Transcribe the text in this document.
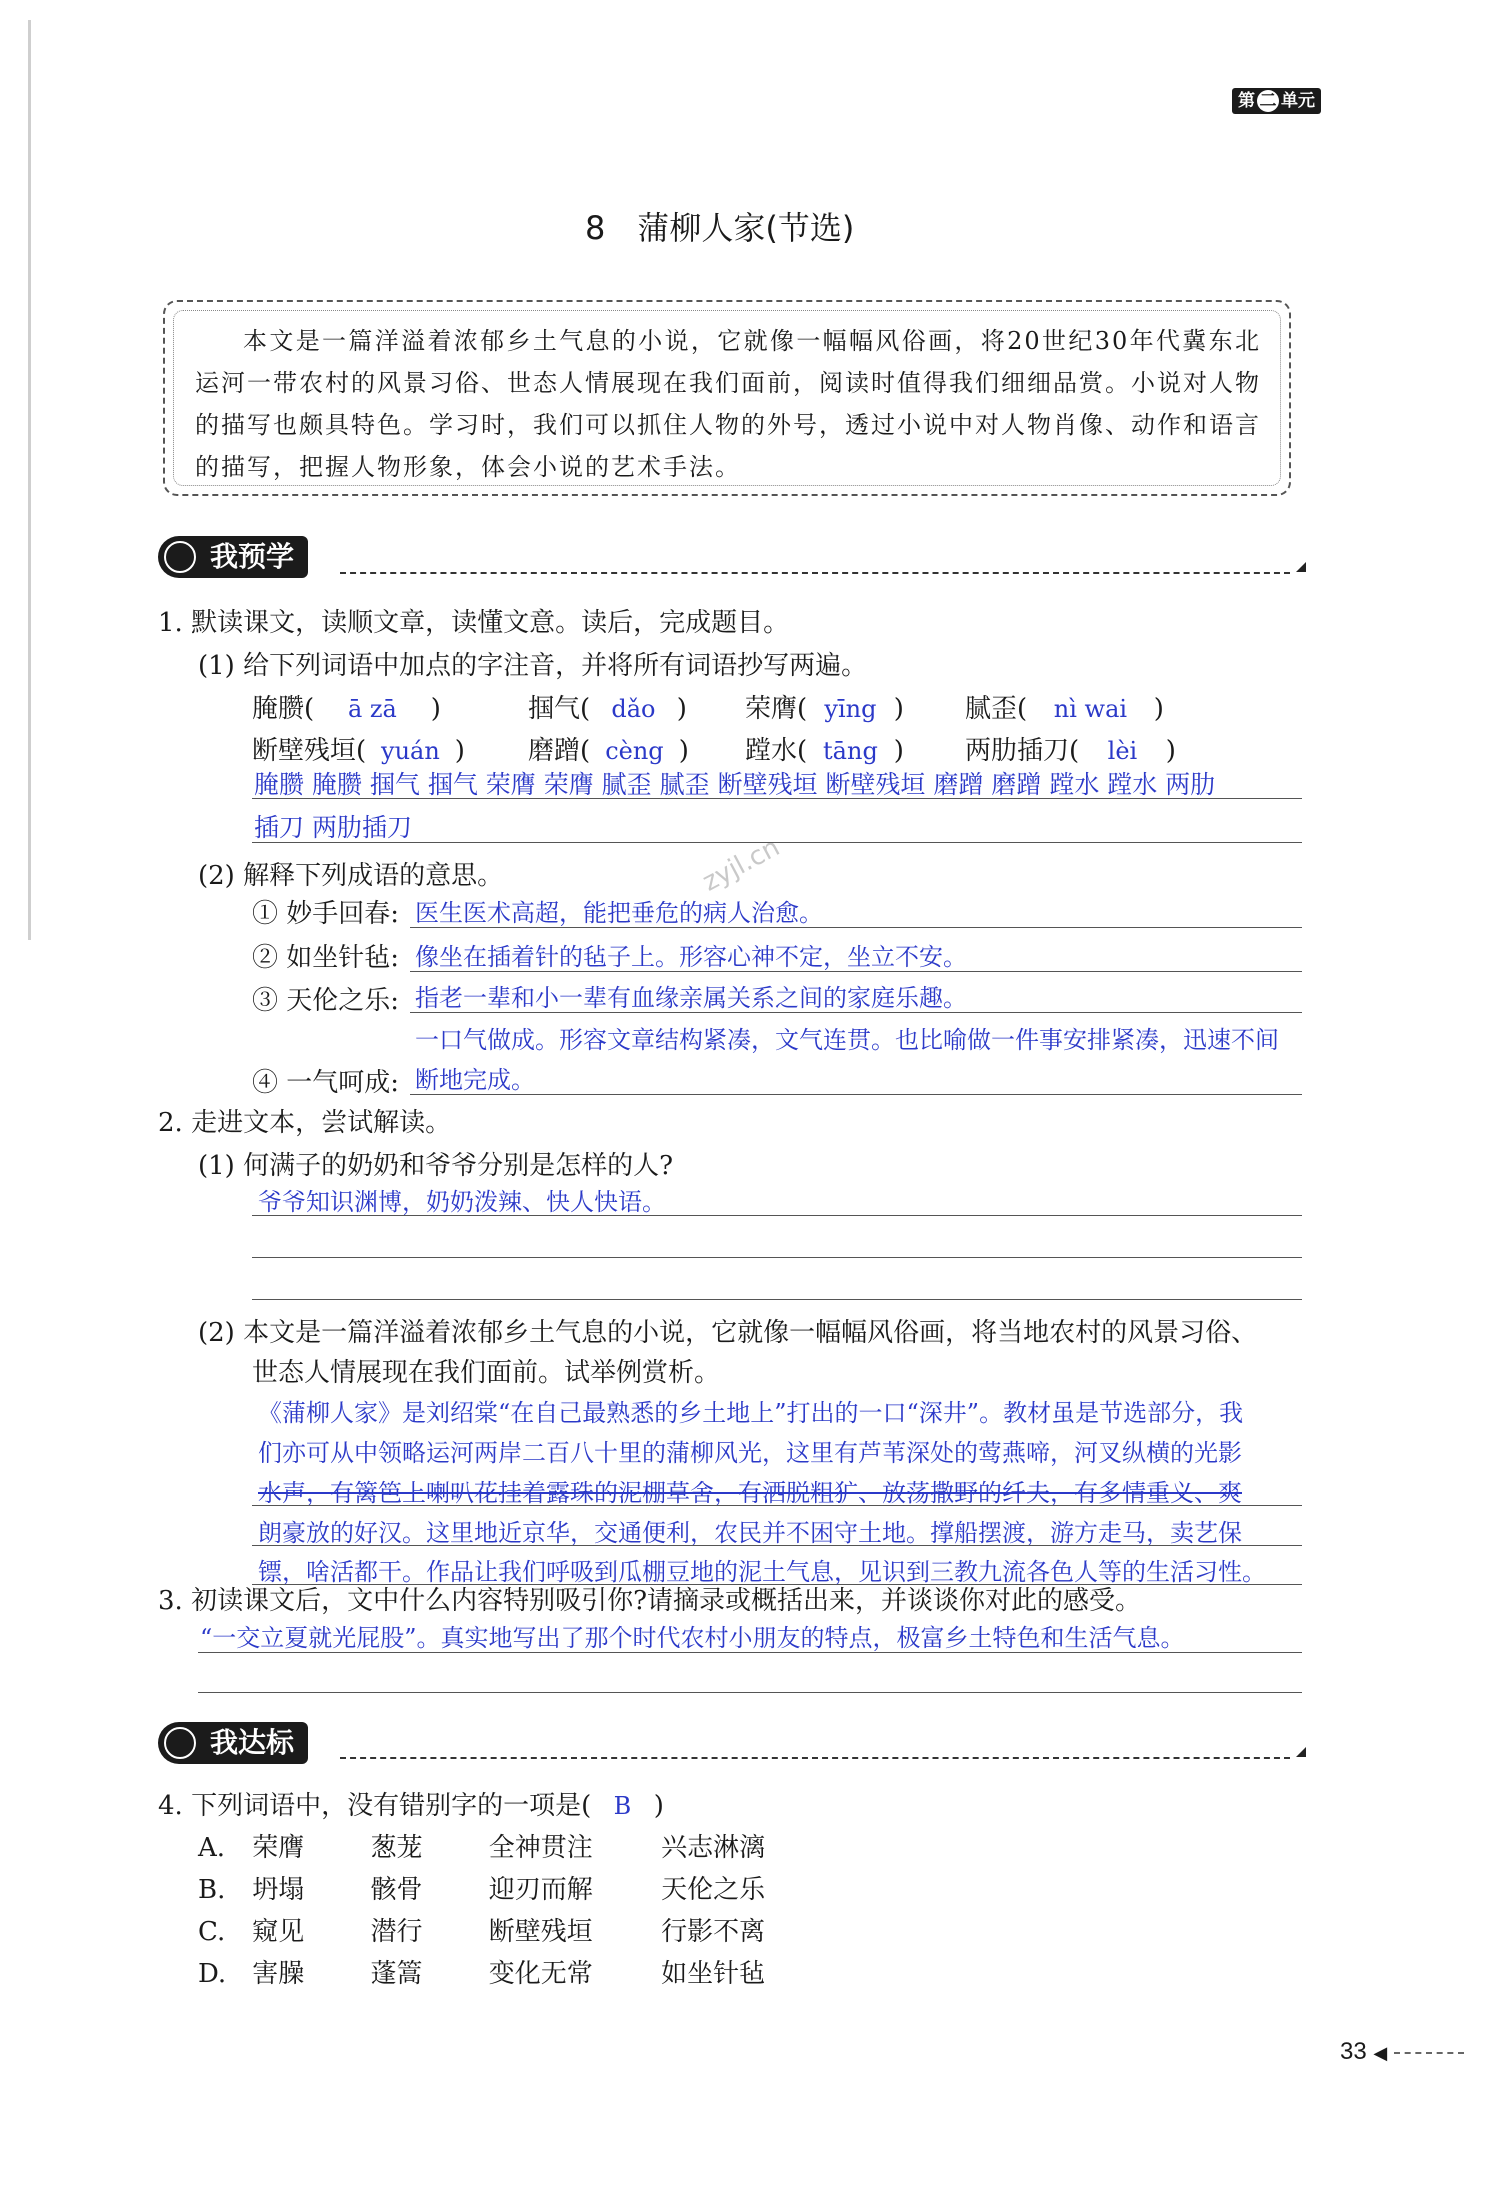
第 二 单元
8　蒲柳人家(节选)

本文是一篇洋溢着浓郁乡土气息的小说，它就像一幅幅风俗画，将20世纪30年代冀东北运河一带农村的风景习俗、世态人情展现在我们面前，阅读时值得我们细细品赏。小说对人物的描写也颇具特色。学习时，我们可以抓住人物的外号，透过小说中对人物肖像、动作和语言的描写，把握人物形象，体会小说的艺术手法。

我预学
zyjl.cn
1. 默读课文，读顺文章，读懂文意。读后，完成题目。
(1) 给下列词语中加点的字注音，并将所有词语抄写两遍。
腌臜( ā zā )	掴气( dǎo ) 荣膺( yīng ) 腻歪( nì wai )
断壁残垣( yuán ) 磨蹭( cèng ) 蹚水( tāng ) 两肋插刀( lèi )
腌臜 腌臜 掴气 掴气 荣膺 荣膺 腻歪 腻歪 断壁残垣 断壁残垣 磨蹭 磨蹭 蹚水 蹚水 两肋
插刀 两肋插刀
(2) 解释下列成语的意思。
① 妙手回春: 医生医术高超，能把垂危的病人治愈。
② 如坐针毡: 像坐在插着针的毡子上。形容心神不定，坐立不安。
③ 天伦之乐: 指老一辈和小一辈有血缘亲属关系之间的家庭乐趣。
一口气做成。形容文章结构紧凑，文气连贯。也比喻做一件事安排紧凑，迅速不间
④ 一气呵成: 断地完成。
2. 走进文本，尝试解读。
(1) 何满子的奶奶和爷爷分别是怎样的人?
爷爷知识渊博，奶奶泼辣、快人快语。
(2) 本文是一篇洋溢着浓郁乡土气息的小说，它就像一幅幅风俗画，将当地农村的风景习俗、
世态人情展现在我们面前。试举例赏析。
《蒲柳人家》是刘绍棠“在自己最熟悉的乡土地上”打出的一口“深井”。教材虽是节选部分，我
们亦可从中领略运河两岸二百八十里的蒲柳风光，这里有芦苇深处的莺燕啼，河叉纵横的光影
水声，有篱笆上喇叭花挂着露珠的泥棚草舍，有洒脱粗犷、放荡撒野的纤夫，有多情重义、爽
朗豪放的好汉。这里地近京华，交通便利，农民并不困守土地。撑船摆渡，游方走马，卖艺保
镖，啥活都干。作品让我们呼吸到瓜棚豆地的泥土气息，见识到三教九流各色人等的生活习性。
3. 初读课文后，文中什么内容特别吸引你?请摘录或概括出来，并谈谈你对此的感受。
“一交立夏就光屁股”。真实地写出了那个时代农村小朋友的特点，极富乡土特色和生活气息。
我达标
4. 下列词语中，没有错别字的一项是( B )
A. 荣膺	葱茏	全神贯注	兴志淋漓
B. 坍塌	骸骨	迎刃而解	天伦之乐
C. 窥见	潜行	断壁残垣	行影不离
D. 害臊	蓬篙	变化无常	如坐针毡
33 ◀
